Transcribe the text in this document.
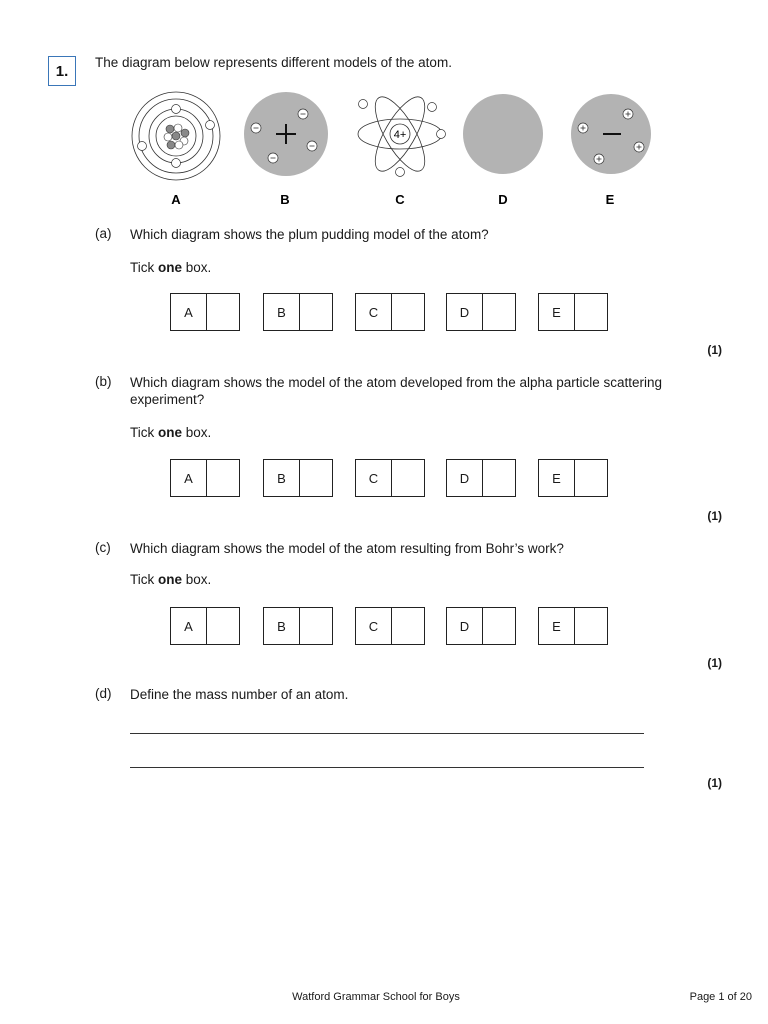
1.	The diagram below represents different models of the atom.
4+
A	B	C	D	E
(a) Which diagram shows the plum pudding model of the atom?
Tick one box.
A	B	C	D	E
(1)
(b) Which diagram shows the model of the atom developed from the alpha particle scattering experiment?
Tick one box.
A	B	C	D	E
(1)
(c) Which diagram shows the model of the atom resulting from Bohr’s work?
Tick one box.
A	B	C	D	E
(1)
(d) Define the mass number of an atom.
(1)
Watford Grammar School for Boys	Page 1 of 20
